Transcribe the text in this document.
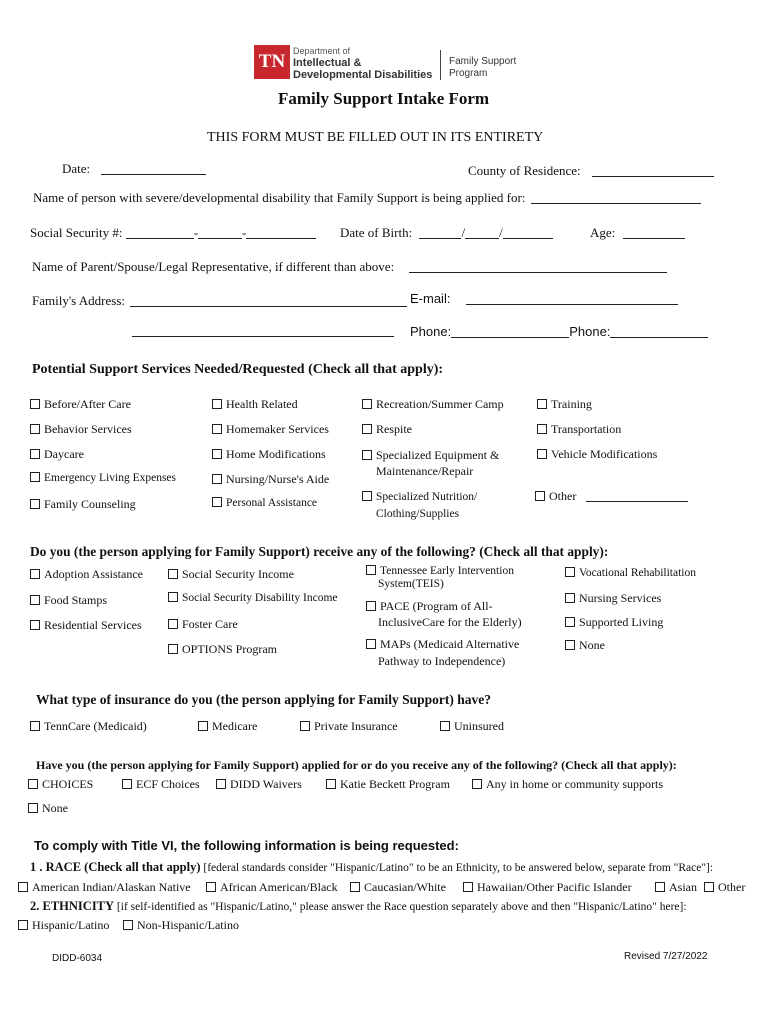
TN Department of
Intellectual &
Developmental Disabilities
Family Support
Program
Family Support Intake Form
THIS FORM MUST BE FILLED OUT IN ITS ENTIRETY
Date:	County of Residence:
Name of person with severe/developmental disability that Family Support is being applied for:
Social Security #:	-	-	Date of Birth:	/	/	Age:
Name of Parent/Spouse/Legal Representative, if different than above:
Family's Address:	E-mail:
Phone:	Phone:
Potential Support Services Needed/Requested (Check all that apply):
Before/After Care
Behavior Services
Daycare
Emergency Living Expenses
Family Counseling
Health Related
Homemaker Services
Home Modifications
Nursing/Nurse's Aide
Personal Assistance
Recreation/Summer Camp
Respite
Specialized Equipment &
Maintenance/Repair
Specialized Nutrition/
Clothing/Supplies
Training
Transportation
Vehicle Modifications
Other
Do you (the person applying for Family Support) receive any of the following? (Check all that apply):
Adoption Assistance
Food Stamps
Residential Services
Social Security Income
Social Security Disability Income
Foster Care
OPTIONS Program
Tennessee Early Intervention
System(TEIS)
PACE (Program of All-
InclusiveCare for the Elderly)
MAPs (Medicaid Alternative
Pathway to Independence)
Vocational Rehabilitation
Nursing Services
Supported Living
None
What type of insurance do you (the person applying for Family Support) have?
TennCare (Medicaid)	Medicare	Private Insurance	Uninsured
Have you (the person applying for Family Support) applied for or do you receive any of the following? (Check all that apply):
CHOICES	ECF Choices	DIDD Waivers	Katie Beckett Program	Any in home or community supports
None
To comply with Title VI, the following information is being requested:
1 . RACE (Check all that apply) [federal standards consider "Hispanic/Latino" to be an Ethnicity, to be answered below, separate from "Race"]:
American Indian/Alaskan Native	African American/Black	Caucasian/White	Hawaiian/Other Pacific Islander	Asian	Other
2. ETHNICITY [if self-identified as "Hispanic/Latino," please answer the Race question separately above and then "Hispanic/Latino" here]:
Hispanic/Latino	Non-Hispanic/Latino
DIDD-6034	Revised 7/27/2022
